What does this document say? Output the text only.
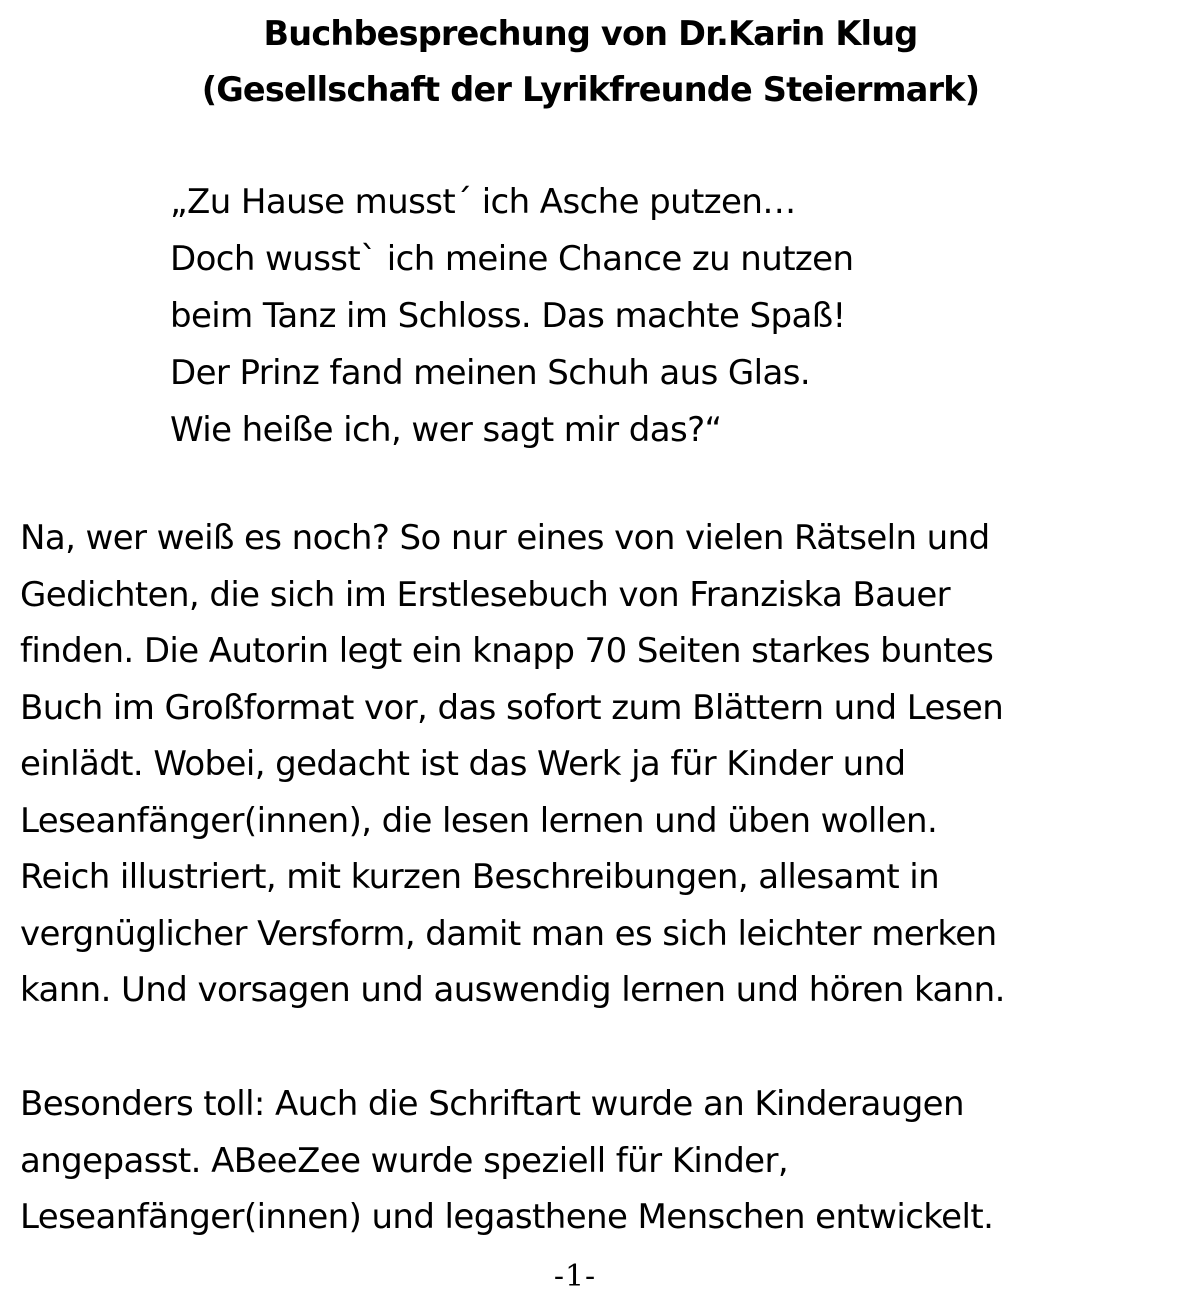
Buchbesprechung von Dr.Karin Klug
(Gesellschaft der Lyrikfreunde Steiermark)
„Zu Hause musst´ ich Asche putzen…
Doch wusst` ich meine Chance zu nutzen
beim Tanz im Schloss. Das machte Spaß!
Der Prinz fand meinen Schuh aus Glas.
Wie heiße ich, wer sagt mir das?“
Na, wer weiß es noch? So nur eines von vielen Rätseln und
Gedichten, die sich im Erstlesebuch von Franziska Bauer
finden. Die Autorin legt ein knapp 70 Seiten starkes buntes
Buch im Großformat vor, das sofort zum Blättern und Lesen
einlädt. Wobei, gedacht ist das Werk ja für Kinder und
Leseanfänger(innen), die lesen lernen und üben wollen.
Reich illustriert, mit kurzen Beschreibungen, allesamt in
vergnüglicher Versform, damit man es sich leichter merken
kann. Und vorsagen und auswendig lernen und hören kann.
Besonders toll: Auch die Schriftart wurde an Kinderaugen
angepasst. ABeeZee wurde speziell für Kinder,
Leseanfänger(innen) und legasthene Menschen entwickelt.
-1-
